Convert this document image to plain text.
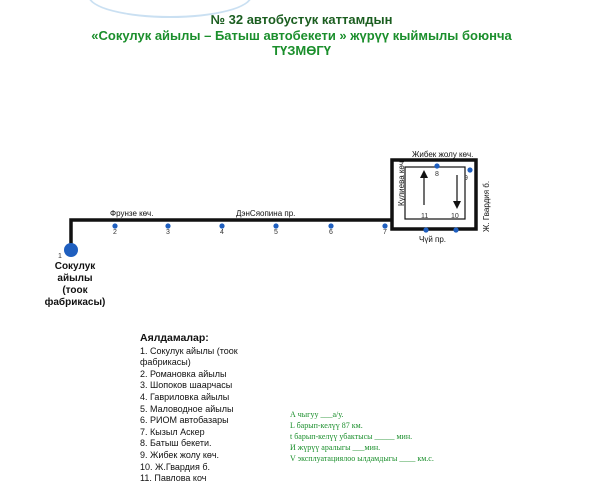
№ 32 автобустук каттамдын
«Сокулук айылы – Батыш автобекети » жүрүү кыймылы боюнча
ТҮЗМӨГҮ
1
2	3	4	5	6	7
8
9
10
11
Фрунзе көч.	ДэнСяопина пр.
Чүй пр.
Жибек жолу көч.
Кулиева көч.	Ж. Гвардия б.
Сокулук
айылы
(тоок фабрикасы)
Аялдамалар:
1. Сокулук айылы (тоок
фабрикасы)
2. Романовка айылы
3. Шопоков шаарчасы
4. Гавриловка айылы
5. Маловодное айылы
6. РИОМ автобазары
7. Кызыл Аскер
8. Батыш бекети.
9. Жибек жолу көч.
10. Ж.Гвардия б.
11. Павлова коч
А чыгуу ___а/у.
L барып-келүү 87 км.
t барып-келүү убактысы _____ мин.
И жүрүү аралыгы ___мин.
V эксплуатациялоо ылдамдыгы ____ км.с.
